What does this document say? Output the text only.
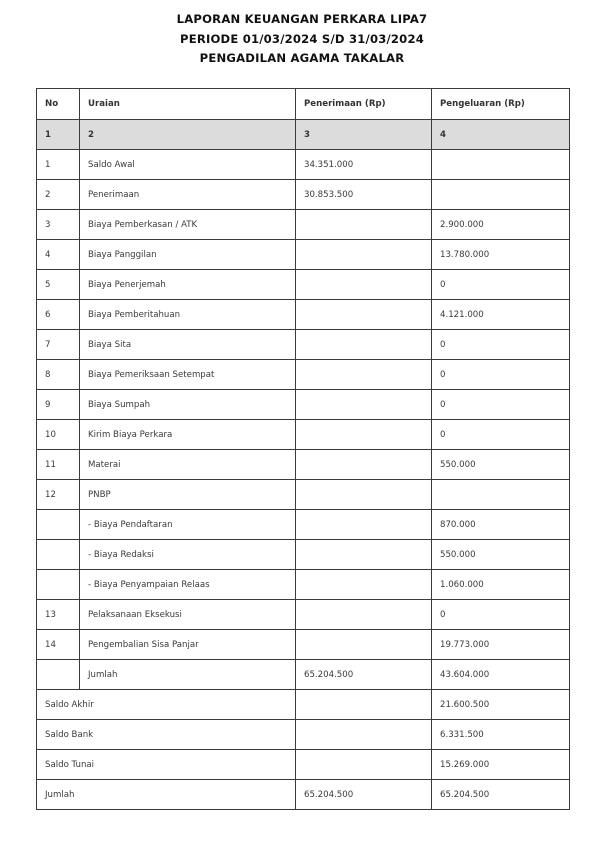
LAPORAN KEUANGAN PERKARA LIPA7
PERIODE 01/03/2024 S/D 31/03/2024
PENGADILAN AGAMA TAKALAR
No	Uraian	Penerimaan (Rp)	Pengeluaran (Rp)
1	2	3	4
1	Saldo Awal	34.351.000	
2	Penerimaan	30.853.500	
3	Biaya Pemberkasan / ATK		2.900.000
4	Biaya Panggilan		13.780.000
5	Biaya Penerjemah		0
6	Biaya Pemberitahuan		4.121.000
7	Biaya Sita		0
8	Biaya Pemeriksaan Setempat		0
9	Biaya Sumpah		0
10	Kirim Biaya Perkara		0
11	Materai		550.000
12	PNBP		
	- Biaya Pendaftaran		870.000
	- Biaya Redaksi		550.000
	- Biaya Penyampaian Relaas		1.060.000
13	Pelaksanaan Eksekusi		0
14	Pengembalian Sisa Panjar		19.773.000
	Jumlah	65.204.500	43.604.000
Saldo Akhir			21.600.500
Saldo Bank			6.331.500
Saldo Tunai			15.269.000
Jumlah		65.204.500	65.204.500
